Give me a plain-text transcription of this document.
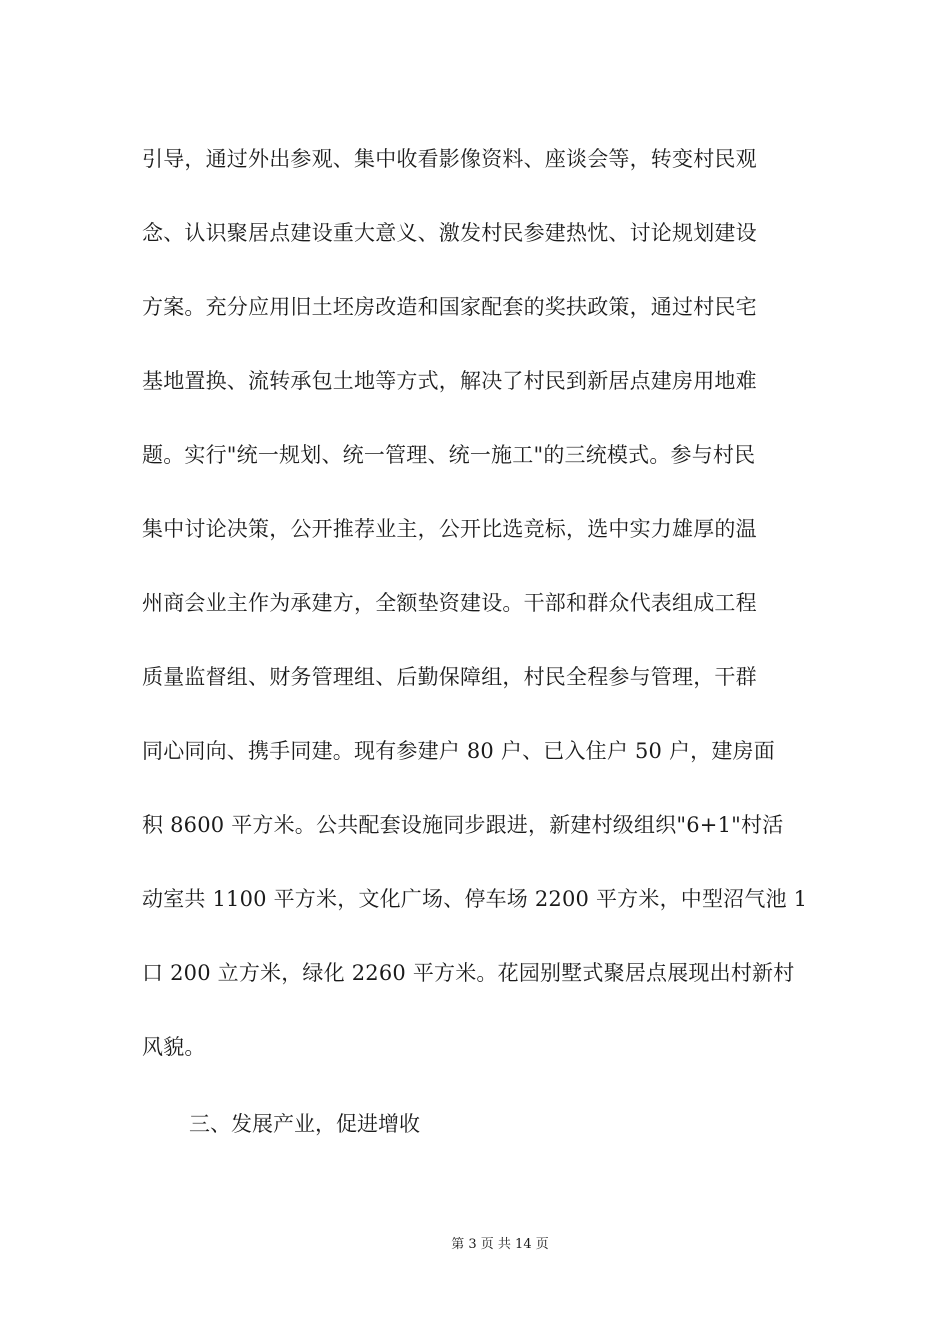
引导，通过外出参观、集中收看影像资料、座谈会等，转变村民观
念、认识聚居点建设重大意义、激发村民参建热忱、讨论规划建设
方案。充分应用旧土坯房改造和国家配套的奖扶政策，通过村民宅
基地置换、流转承包土地等方式，解决了村民到新居点建房用地难
题。实行"统一规划、统一管理、统一施工"的三统模式。参与村民
集中讨论决策，公开推荐业主，公开比选竞标，选中实力雄厚的温
州商会业主作为承建方，全额垫资建设。干部和群众代表组成工程
质量监督组、财务管理组、后勤保障组，村民全程参与管理，干群
同心同向、携手同建。现有参建户 80 户、已入住户 50 户，建房面
积 8600 平方米。公共配套设施同步跟进，新建村级组织"6+1"村活
动室共 1100 平方米，文化广场、停车场 2200 平方米，中型沼气池 1
口 200 立方米，绿化 2260 平方米。花园别墅式聚居点展现出村新村
风貌。
三、发展产业，促进增收
第 3 页 共 14 页
